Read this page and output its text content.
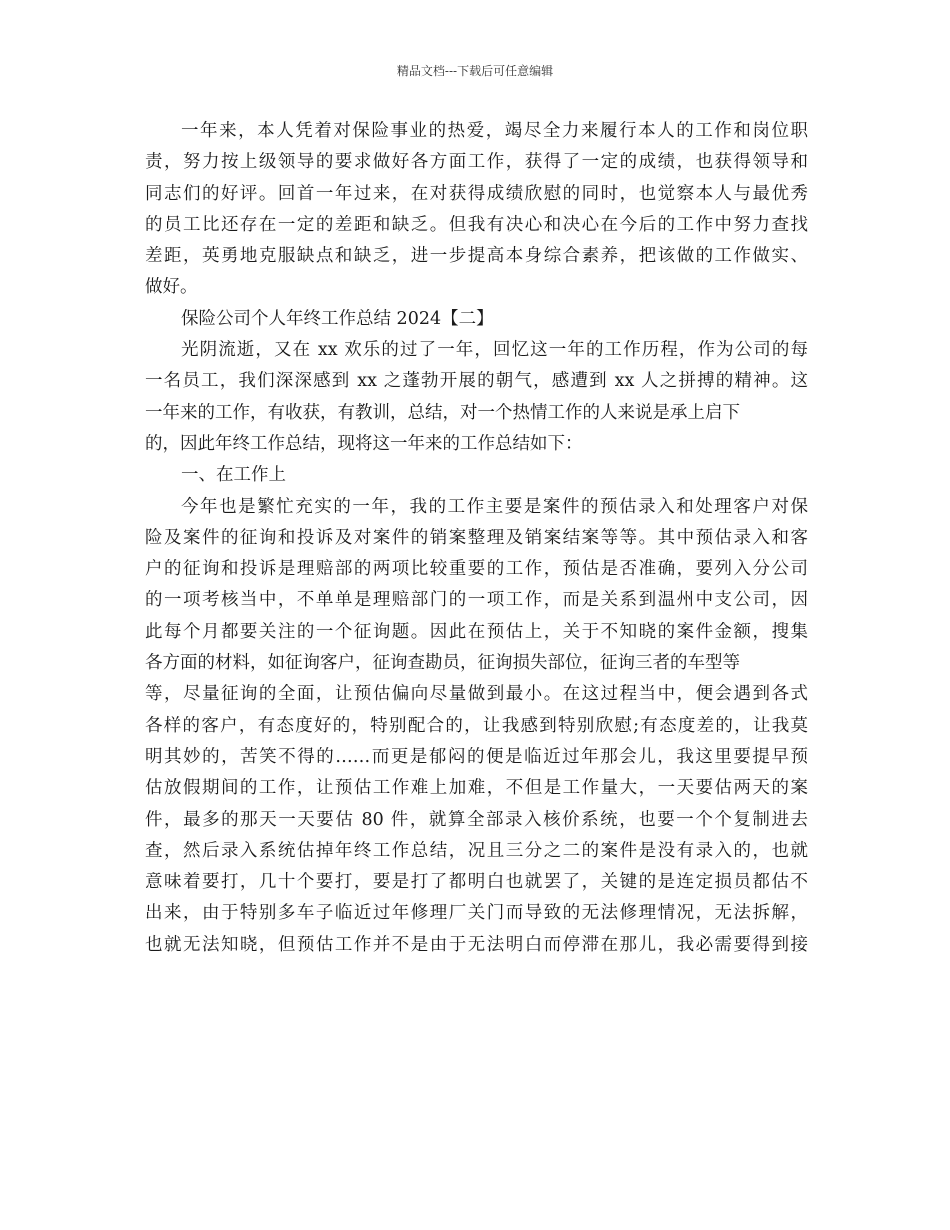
精品文档---下载后可任意编辑
一年来，本人凭着对保险事业的热爱，竭尽全力来履行本人的工作和岗位职
责，努力按上级领导的要求做好各方面工作，获得了一定的成绩，也获得领导和
同志们的好评。回首一年过来，在对获得成绩欣慰的同时，也觉察本人与最优秀
的员工比还存在一定的差距和缺乏。但我有决心和决心在今后的工作中努力查找
差距，英勇地克服缺点和缺乏，进一步提高本身综合素养，把该做的工作做实、
做好。
保险公司个人年终工作总结 2024【二】
光阴流逝，又在 xx 欢乐的过了一年，回忆这一年的工作历程，作为公司的每
一名员工，我们深深感到 xx 之蓬勃开展的朝气，感遭到 xx 人之拼搏的精神。这
一年来的工作，有收获，有教训，总结，对一个热情工作的人来说是承上启下
的，因此年终工作总结，现将这一年来的工作总结如下：
一、在工作上
今年也是繁忙充实的一年，我的工作主要是案件的预估录入和处理客户对保
险及案件的征询和投诉及对案件的销案整理及销案结案等等。其中预估录入和客
户的征询和投诉是理赔部的两项比较重要的工作，预估是否准确，要列入分公司
的一项考核当中，不单单是理赔部门的一项工作，而是关系到温州中支公司，因
此每个月都要关注的一个征询题。因此在预估上，关于不知晓的案件金额，搜集
各方面的材料，如征询客户，征询查勘员，征询损失部位，征询三者的车型等
等，尽量征询的全面，让预估偏向尽量做到最小。在这过程当中，便会遇到各式
各样的客户，有态度好的，特别配合的，让我感到特别欣慰;有态度差的，让我莫
明其妙的，苦笑不得的……而更是郁闷的便是临近过年那会儿，我这里要提早预
估放假期间的工作，让预估工作难上加难，不但是工作量大，一天要估两天的案
件，最多的那天一天要估 80 件，就算全部录入核价系统，也要一个个复制进去
查，然后录入系统估掉年终工作总结，况且三分之二的案件是没有录入的，也就
意味着要打，几十个要打，要是打了都明白也就罢了，关键的是连定损员都估不
出来，由于特别多车子临近过年修理厂关门而导致的无法修理情况，无法拆解，
也就无法知晓，但预估工作并不是由于无法明白而停滞在那儿，我必需要得到接
